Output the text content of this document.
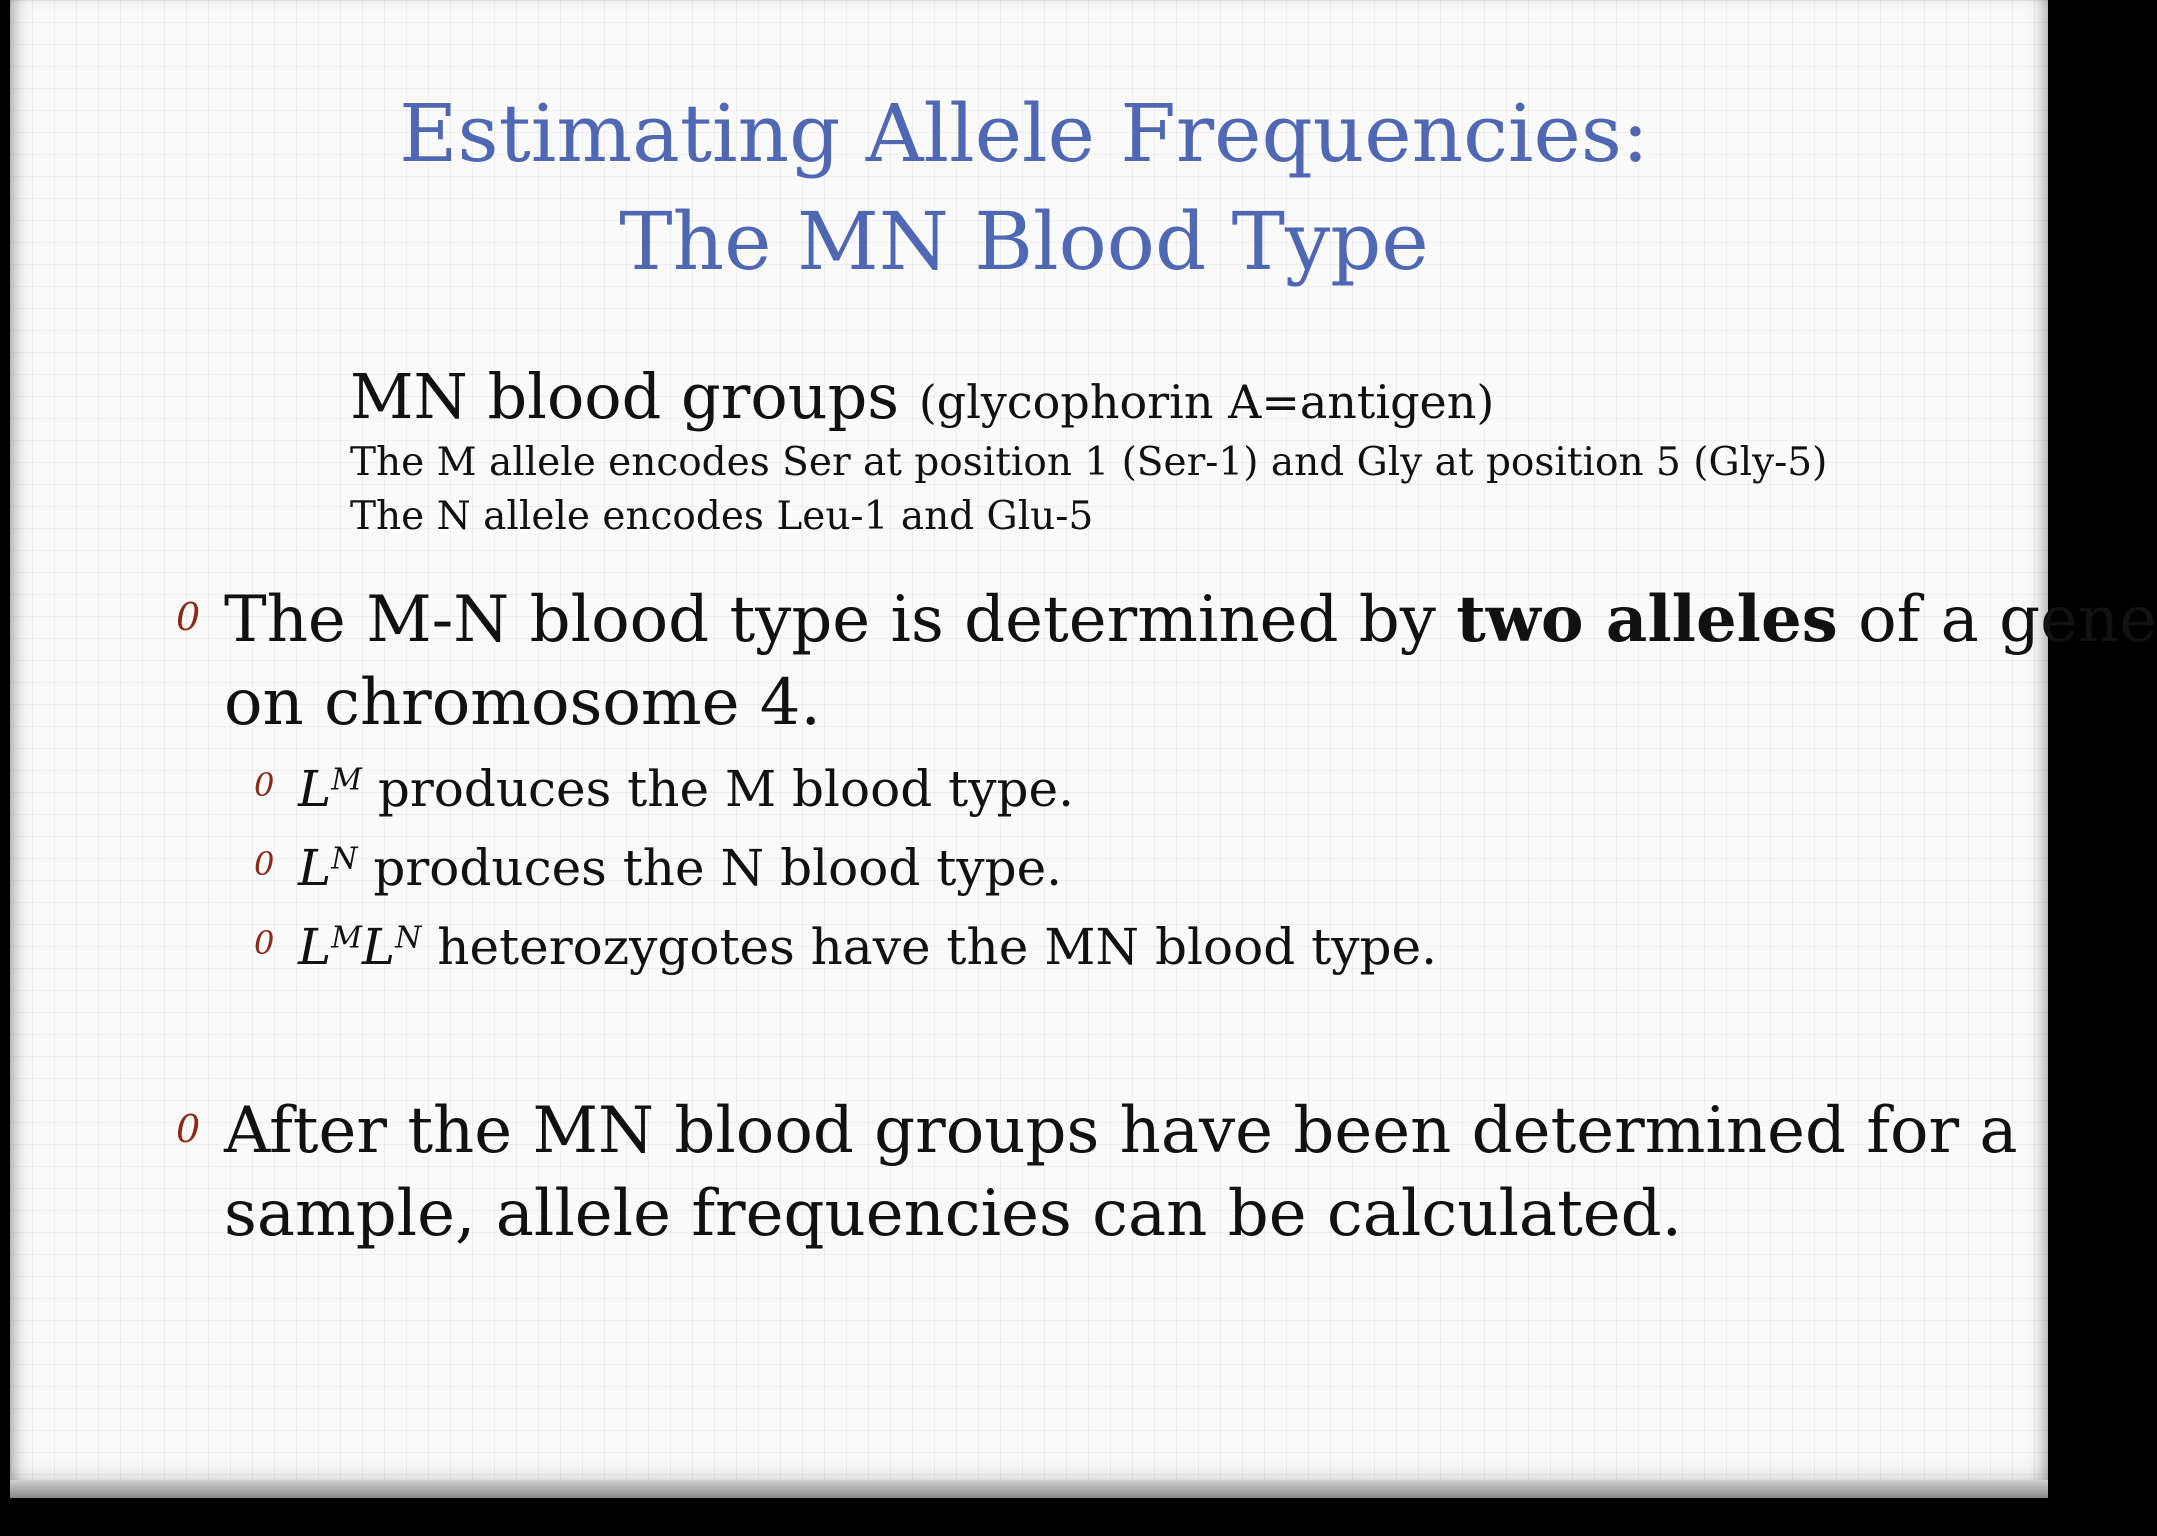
Estimating Allele Frequencies:
The MN Blood Type
MN blood groups (glycophorin A=antigen)
The M allele encodes Ser at position 1 (Ser-1) and Gly at position 5 (Gly-5)
The N allele encodes Leu-1 and Glu-5
0 The M-N blood type is determined by two alleles of a gene
on chromosome 4.
0 $L^M$ produces the M blood type.
0 $L^N$ produces the N blood type.
0 $L^ML^N$ heterozygotes have the MN blood type.
0 After the MN blood groups have been determined for a
sample, allele frequencies can be calculated.
